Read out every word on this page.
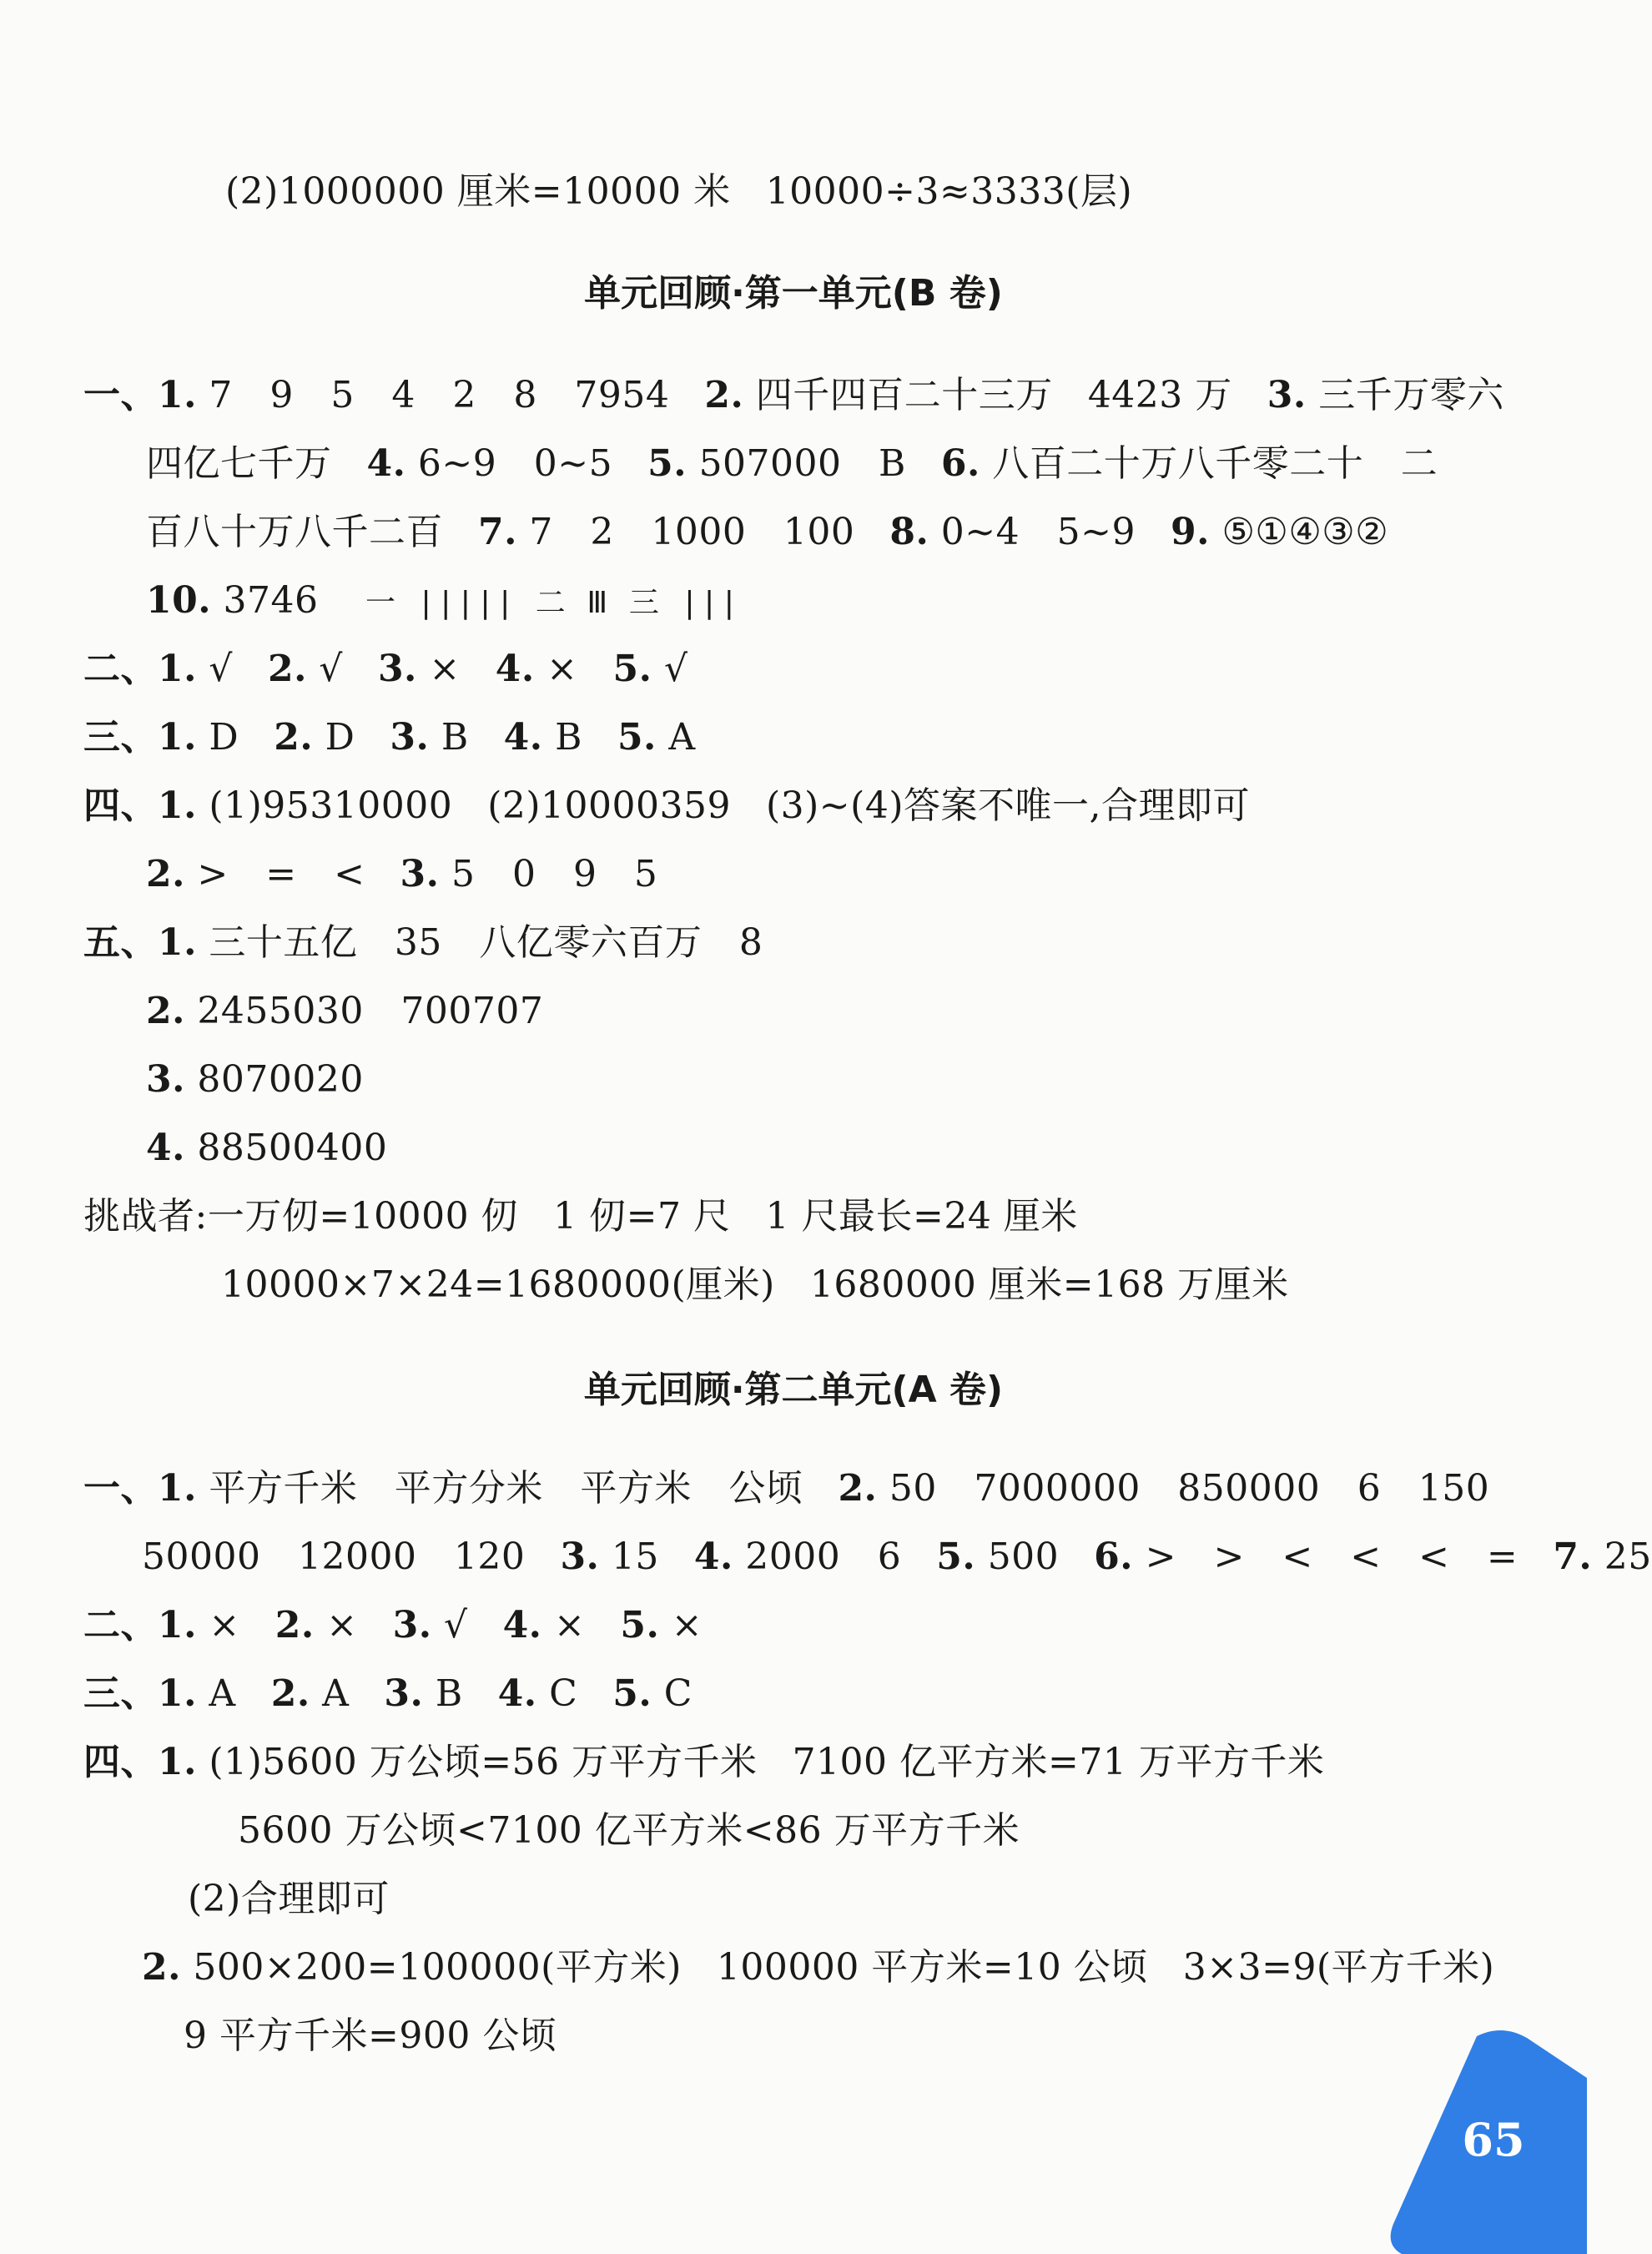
单元回顾·第一单元(B 卷)
单元回顾·第二单元(A 卷)
(2)1000000 厘米=10000 米 10000÷3≈3333(层)
一、1. 7　9　5　4　2　8　7954 2. 四千四百二十三万 4423 万 3. 三千万零六
四亿七千万 4. 6~9　0~5 5. 507000　B 6. 八百二十万八千零二十　二
百八十万八千二百 7. 7　2　1000　100 8. 0~4　5~9 9. ⑤①④③②
二、1. √ 2. √ 3. × 4. × 5. √
三、1. D 2. D 3. B 4. B 5. A
四、1. (1)95310000 (2)10000359 (3)~(4)答案不唯一,合理即可
2. >　=　< 3. 5　0　9　5
五、1. 三十五亿　35　八亿零六百万　8
2. 2455030　700707
3. 8070020
4. 88500400
挑战者:一万仞=10000 仞 1 仞=7 尺 1 尺最长=24 厘米
10000×7×24=1680000(厘米) 1680000 厘米=168 万厘米
一、1. 平方千米　平方分米　平方米　公顷 2. 50　7000000　850000　6　150
50000　12000　120 3. 15 4. 2000　6 5. 500 6. >　>　<　<　<　= 7. 25
二、1. × 2. × 3. √ 4. × 5. ×
三、1. A 2. A 3. B 4. C 5. C
四、1. (1)5600 万公顷=56 万平方千米 7100 亿平方米=71 万平方千米
5600 万公顷<7100 亿平方米<86 万平方千米
(2)合理即可
2. 500×200=100000(平方米) 100000 平方米=10 公顷 3×3=9(平方千米)
9 平方千米=900 公顷
10. 3746 一 ||||| 二 Ⅲ 三 |||
65
